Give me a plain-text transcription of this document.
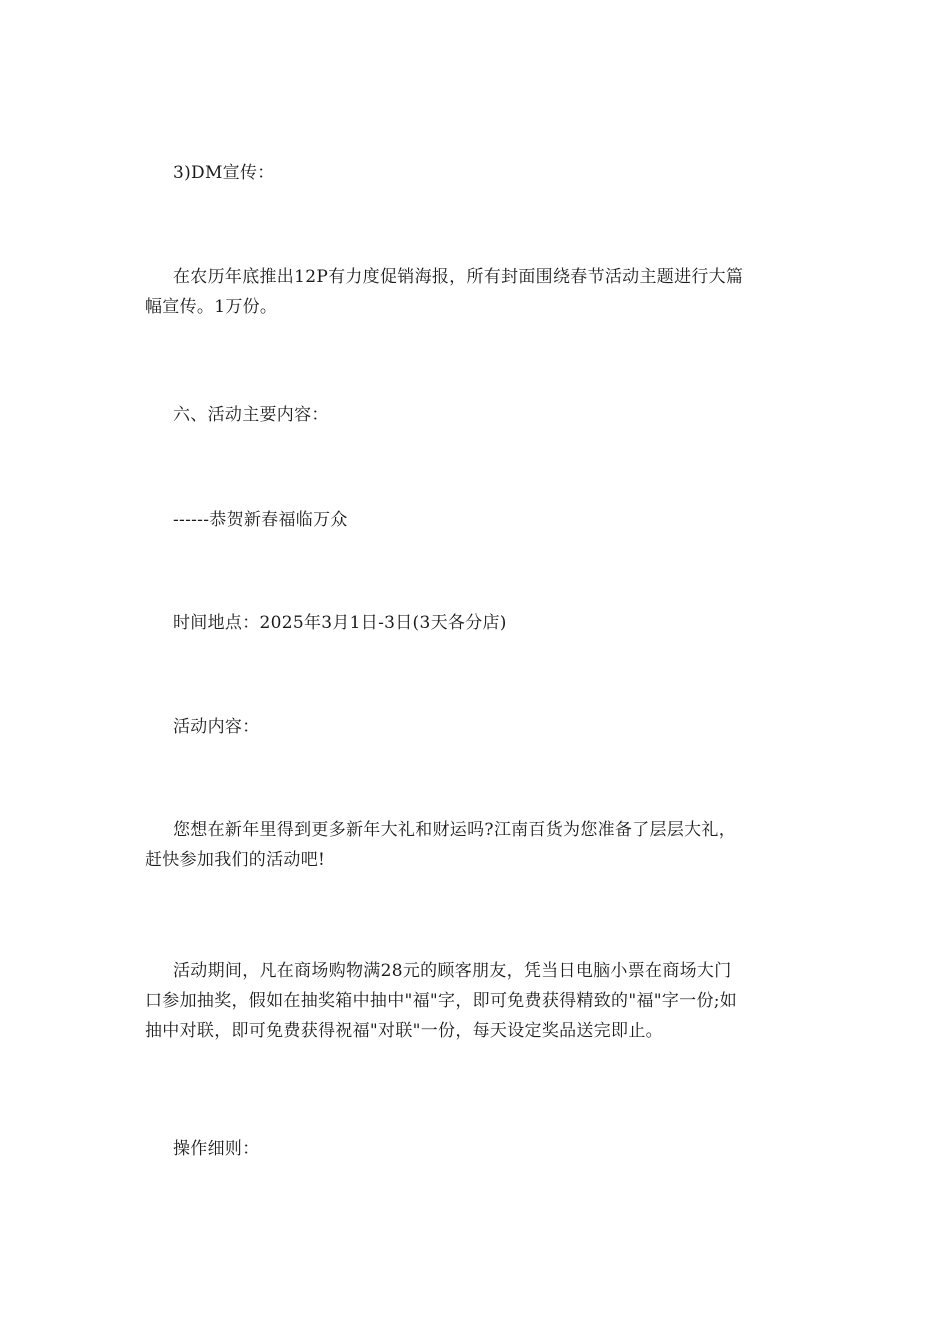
3)DM宣传：

在农历年底推出12P有力度促销海报，所有封面围绕春节活动主题进行大篇
幅宣传。1万份。

六、活动主要内容：

------恭贺新春福临万众

时间地点：2025年3月1日-3日(3天各分店)

活动内容：

您想在新年里得到更多新年大礼和财运吗?江南百货为您准备了层层大礼，
赶快参加我们的活动吧!

活动期间，凡在商场购物满28元的顾客朋友，凭当日电脑小票在商场大门
口参加抽奖，假如在抽奖箱中抽中"福"字，即可免费获得精致的"福"字一份;如
抽中对联，即可免费获得祝福"对联"一份，每天设定奖品送完即止。

操作细则：
